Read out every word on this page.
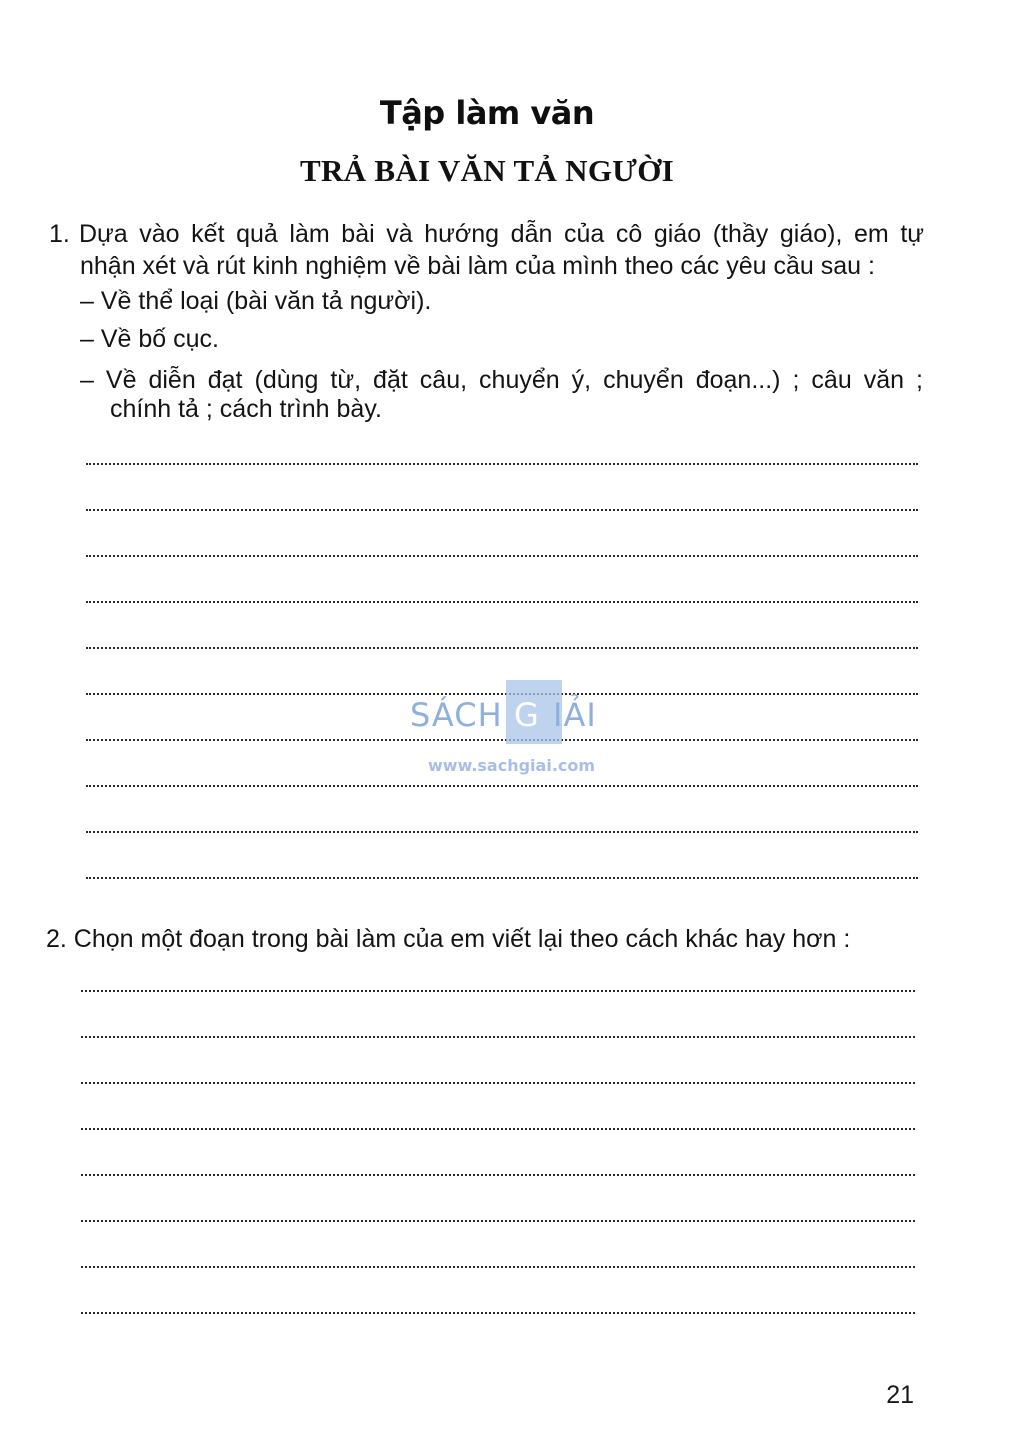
Tập làm văn
TRẢ BÀI VĂN TẢ NGƯỜI
1. Dựa vào kết quả làm bài và hướng dẫn của cô giáo (thầy giáo), em tự
nhận xét và rút kinh nghiệm về bài làm của mình theo các yêu cầu sau :
– Về thể loại (bài văn tả người).
– Về bố cục.
– Về diễn đạt (dùng từ, đặt câu, chuyển ý, chuyển đoạn...) ; câu văn ;
chính tả ; cách trình bày.
2. Chọn một đoạn trong bài làm của em viết lại theo cách khác hay hơn :
SÁCH G IẢI
www.sachgiai.com
21
